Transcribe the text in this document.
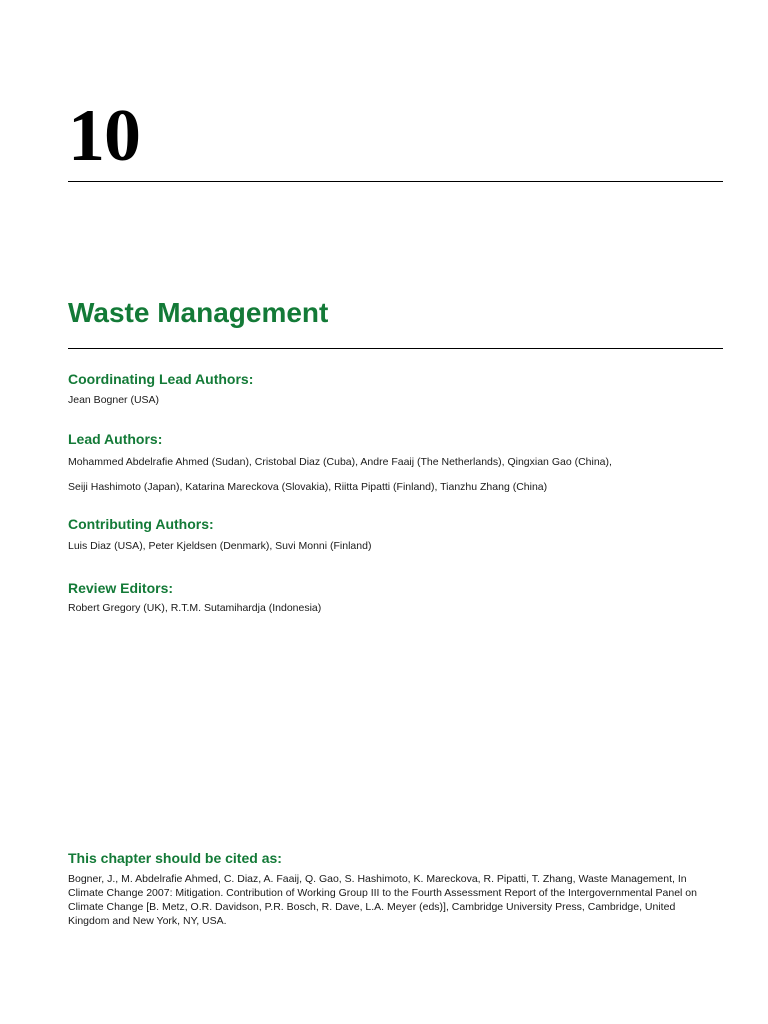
10
Waste Management
Coordinating Lead Authors:

Jean Bogner (USA)

Lead Authors:

Mohammed Abdelrafie Ahmed (Sudan), Cristobal Diaz (Cuba), Andre Faaij (The Netherlands), Qingxian Gao (China),

Seiji Hashimoto (Japan), Katarina Mareckova (Slovakia), Riitta Pipatti (Finland), Tianzhu Zhang (China)

Contributing Authors:

Luis Diaz (USA), Peter Kjeldsen (Denmark), Suvi Monni (Finland)

Review Editors:

Robert Gregory (UK), R.T.M. Sutamihardja (Indonesia)

This chapter should be cited as:

Bogner, J., M. Abdelrafie Ahmed, C. Diaz, A. Faaij, Q. Gao, S. Hashimoto, K. Mareckova, R. Pipatti, T. Zhang, Waste Management, In Climate Change 2007: Mitigation. Contribution of Working Group III to the Fourth Assessment Report of the Intergovernmental Panel on Climate Change [B. Metz, O.R. Davidson, P.R. Bosch, R. Dave, L.A. Meyer (eds)], Cambridge University Press, Cambridge, United Kingdom and New York, NY, USA.
